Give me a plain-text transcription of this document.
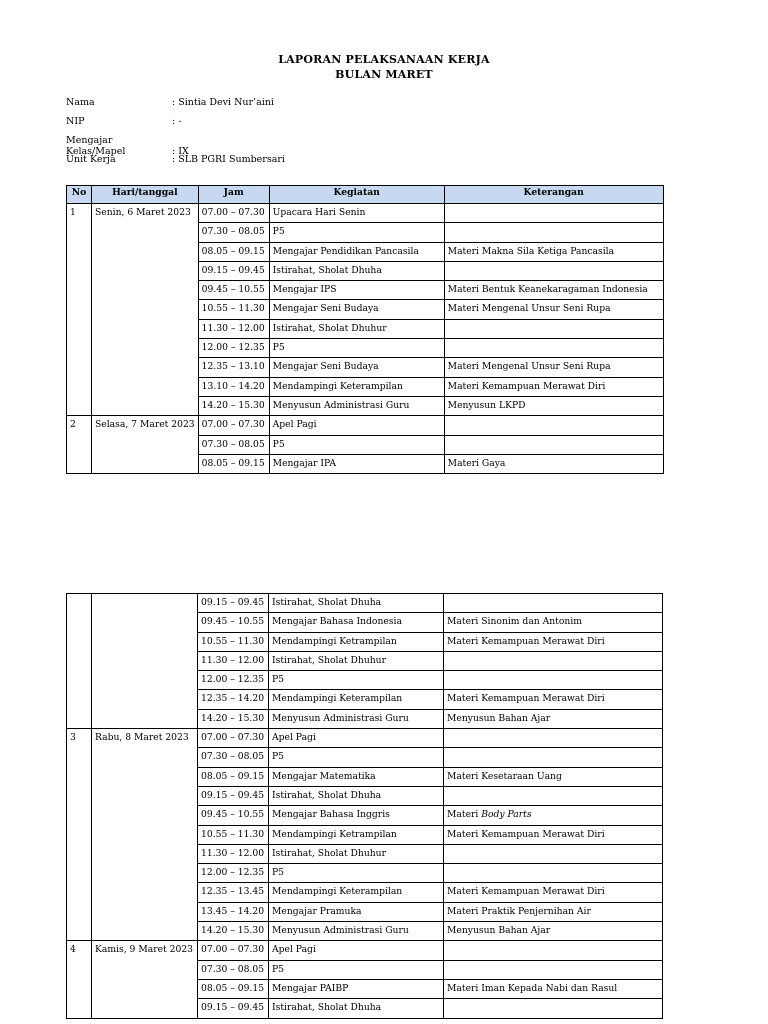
LAPORAN PELAKSANAAN KERJA
BULAN MARET
Nama	: Sintia Devi Nur’aini
NIP	: -
Mengajar Kelas/Mapel	: IX
Unit Kerja	: SLB PGRI Sumbersari
No	Hari/tanggal	Jam	Kegiatan	Keterangan
1	Senin, 6 Maret 2023	07.00 – 07.30	Upacara Hari Senin	
		07.30 – 08.05	P5	
		08.05 – 09.15	Mengajar Pendidikan Pancasila	Materi Makna Sila Ketiga Pancasila
		09.15 – 09.45	Istirahat, Sholat Dhuha	
		09.45 – 10.55	Mengajar IPS	Materi Bentuk Keanekaragaman Indonesia
		10.55 – 11.30	Mengajar Seni Budaya	Materi Mengenal Unsur Seni Rupa
		11.30 – 12.00	Istirahat, Sholat Dhuhur	
		12.00 – 12.35	P5	
		12.35 – 13.10	Mengajar Seni Budaya	Materi Mengenal Unsur Seni Rupa
		13.10 – 14.20	Mendampingi Keterampilan	Materi Kemampuan Merawat Diri
		14.20 – 15.30	Menyusun Administrasi Guru	Menyusun LKPD
2	Selasa, 7 Maret 2023	07.00 – 07.30	Apel Pagi	
		07.30 – 08.05	P5	
		08.05 – 09.15	Mengajar IPA	Materi Gaya
		09.15 – 09.45	Istirahat, Sholat Dhuha	
		09.45 – 10.55	Mengajar Bahasa Indonesia	Materi Sinonim dan Antonim
		10.55 – 11.30	Mendampingi Ketrampilan	Materi Kemampuan Merawat Diri
		11.30 – 12.00	Istirahat, Sholat Dhuhur	
		12.00 – 12.35	P5	
		12.35 – 14.20	Mendampingi Keterampilan	Materi Kemampuan Merawat Diri
		14.20 – 15.30	Menyusun Administrasi Guru	Menyusun Bahan Ajar
3	Rabu, 8 Maret 2023	07.00 – 07.30	Apel Pagi	
		07.30 – 08.05	P5	
		08.05 – 09.15	Mengajar Matematika	Materi Kesetaraan Uang
		09.15 – 09.45	Istirahat, Sholat Dhuha	
		09.45 – 10.55	Mengajar Bahasa Inggris	Materi Body Parts
		10.55 – 11.30	Mendampingi Ketrampilan	Materi Kemampuan Merawat Diri
		11.30 – 12.00	Istirahat, Sholat Dhuhur	
		12.00 – 12.35	P5	
		12.35 – 13.45	Mendampingi Keterampilan	Materi Kemampuan Merawat Diri
		13.45 – 14.20	Mengajar Pramuka	Materi Praktik Penjernihan Air
		14.20 – 15.30	Menyusun Administrasi Guru	Menyusun Bahan Ajar
4	Kamis, 9 Maret 2023	07.00 – 07.30	Apel Pagi	
		07.30 – 08.05	P5	
		08.05 – 09.15	Mengajar PAIBP	Materi Iman Kepada Nabi dan Rasul
		09.15 – 09.45	Istirahat, Sholat Dhuha	
